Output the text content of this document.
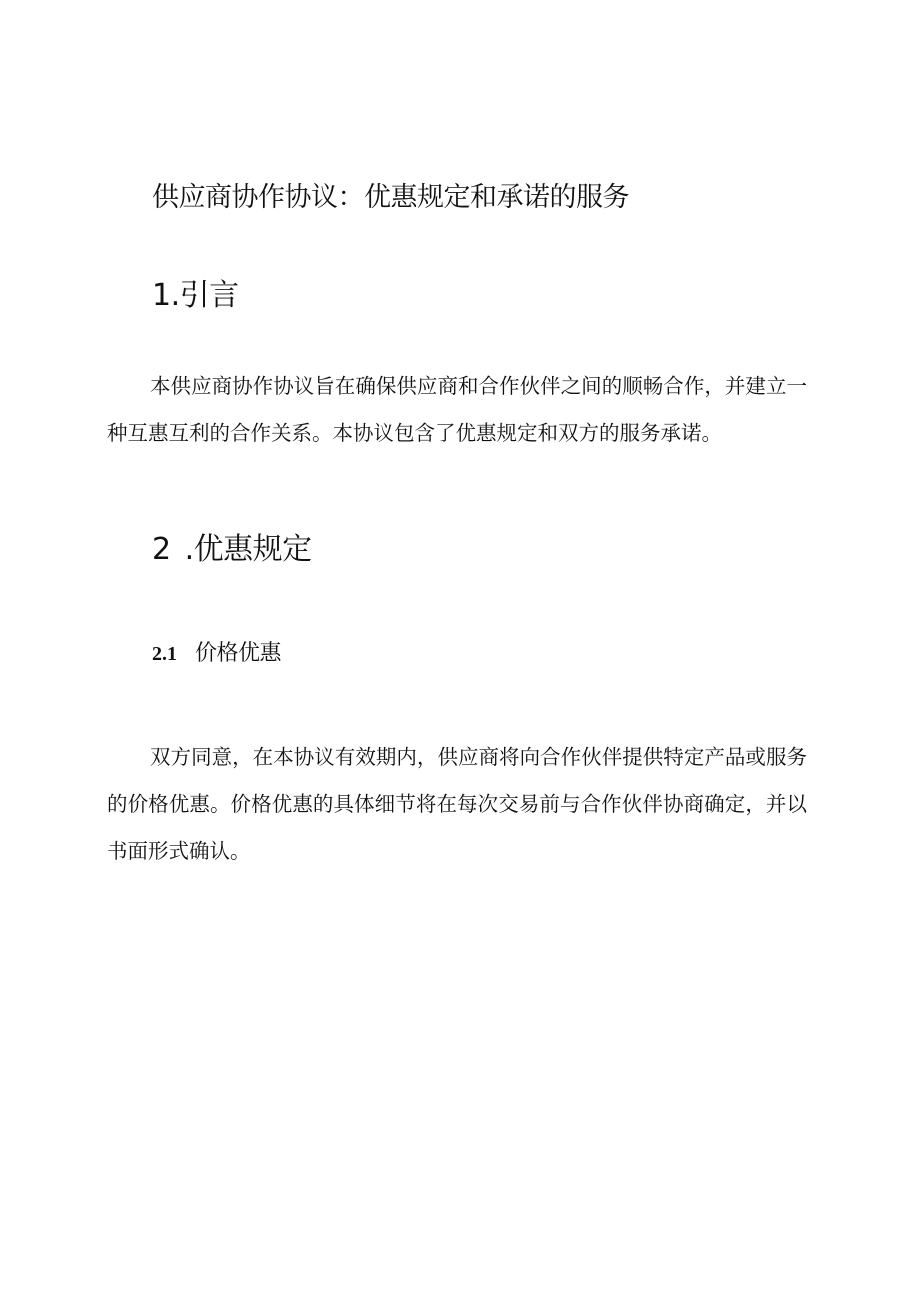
供应商协作协议：优惠规定和承诺的服务
1.引言

本供应商协作协议旨在确保供应商和合作伙伴之间的顺畅合作，并建立一种互惠互利的合作关系。本协议包含了优惠规定和双方的服务承诺。

2 .优惠规定
2.1 价格优惠

双方同意，在本协议有效期内，供应商将向合作伙伴提供特定产品或服务的价格优惠。价格优惠的具体细节将在每次交易前与合作伙伴协商确定，并以书面形式确认。
